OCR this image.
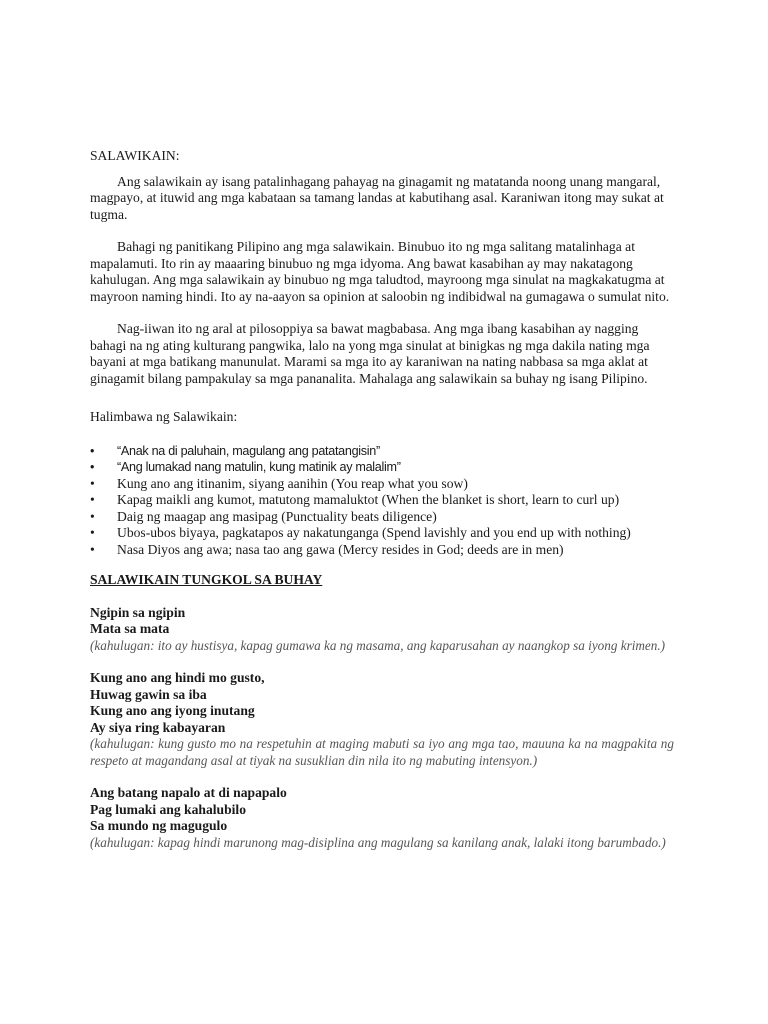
SALAWIKAIN:

Ang salawikain ay isang patalinhagang pahayag na ginagamit ng matatanda noong unang mangaral, magpayo, at ituwid ang mga kabataan sa tamang landas at kabutihang asal. Karaniwan itong may sukat at tugma.

Bahagi ng panitikang Pilipino ang mga salawikain. Binubuo ito ng mga salitang matalinhaga at mapalamuti. Ito rin ay maaaring binubuo ng mga idyoma. Ang bawat kasabihan ay may nakatagong kahulugan. Ang mga salawikain ay binubuo ng mga taludtod, mayroong mga sinulat na magkakatugma at mayroon naming hindi. Ito ay na-aayon sa opinion at saloobin ng indibidwal na gumagawa o sumulat nito.

Nag-iiwan ito ng aral at pilosoppiya sa bawat magbabasa. Ang mga ibang kasabihan ay nagging bahagi na ng ating kulturang pangwika, lalo na yong mga sinulat at binigkas ng mga dakila nating mga bayani at mga batikang manunulat. Marami sa mga ito ay karaniwan na nating nabbasa sa mga aklat at ginagamit bilang pampakulay sa mga pananalita. Mahalaga ang salawikain sa buhay ng isang Pilipino.

Halimbawa ng Salawikain:
• “Anak na di paluhain, magulang ang patatangisin”
• “Ang lumakad nang matulin, kung matinik ay malalim”
• Kung ano ang itinanim, siyang aanihin (You reap what you sow)
• Kapag maikli ang kumot, matutong mamaluktot (When the blanket is short, learn to curl up)
• Daig ng maagap ang masipag (Punctuality beats diligence)
• Ubos-ubos biyaya, pagkatapos ay nakatunganga (Spend lavishly and you end up with nothing)
• Nasa Diyos ang awa; nasa tao ang gawa (Mercy resides in God; deeds are in men)
SALAWIKAIN TUNGKOL SA BUHAY
Ngipin sa ngipin
Mata sa mata
(kahulugan: ito ay hustisya, kapag gumawa ka ng masama, ang kaparusahan ay naangkop sa iyong krimen.)
Kung ano ang hindi mo gusto,
Huwag gawin sa iba
Kung ano ang iyong inutang
Ay siya ring kabayaran
(kahulugan: kung gusto mo na respetuhin at maging mabuti sa iyo ang mga tao, mauuna ka na magpakita ng respeto at magandang asal at tiyak na susuklian din nila ito ng mabuting intensyon.)
Ang batang napalo at di napapalo
Pag lumaki ang kahalubilo
Sa mundo ng magugulo
(kahulugan: kapag hindi marunong mag-disiplina ang magulang sa kanilang anak, lalaki itong barumbado.)
